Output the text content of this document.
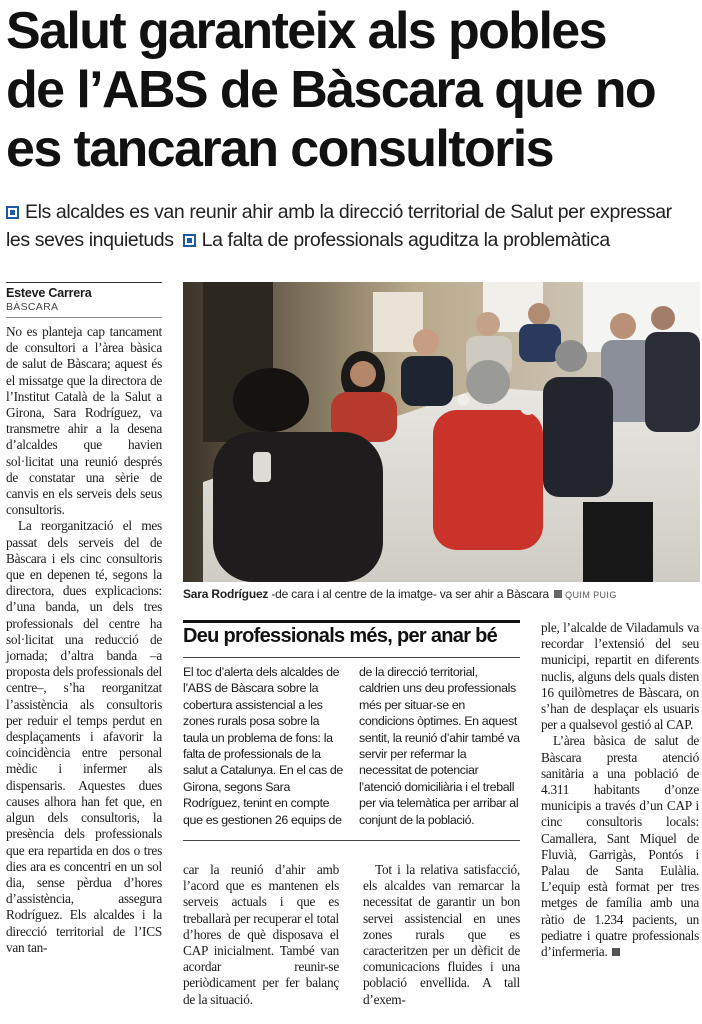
Salut garanteix als pobles
de l’ABS de Bàscara que no
es tancaran consultoris
Els alcaldes es van reunir ahir amb la direcció territorial de Salut per expressar les seves inquietuds La falta de professionals aguditza la problemàtica
Esteve Carrera
BÀSCARA

No es planteja cap tancament de consultori a l’àrea bàsica de salut de Bàscara; aquest és el missatge que la directora de l’Institut Català de la Salut a Girona, Sara Rodríguez, va transmetre ahir a la desena d’alcaldes que havien sol·licitat una reunió després de constatar una sèrie de canvis en els serveis dels seus consultoris.

La reorganització el mes passat dels serveis del de Bàscara i els cinc consultoris que en depenen té, segons la directora, dues explicacions: d’una banda, un dels tres professionals del centre ha sol·licitat una reducció de jornada; d’altra banda –a proposta dels professionals del centre–, s’ha reorganitzat l’assistència als consultoris per reduir el temps perdut en desplaçaments i afavorir la coincidència entre personal mèdic i infermer als dispensaris. Aquestes dues causes alhora han fet que, en algun dels consultoris, la presència dels professionals que era repartida en dos o tres dies ara es concentri en un sol dia, sense pèrdua d’hores d’assistència, assegura Rodríguez. Els alcaldes i la direcció territorial de l’ICS van tan-

Sara Rodríguez -de cara i al centre de la imatge- va ser ahir a Bàscara QUIM PUIG
Deu professionals més, per anar bé
El toc d’alerta dels alcaldes de l’ABS de Bàscara sobre la cobertura assistencial a les zones rurals posa sobre la taula un problema de fons: la falta de professionals de la salut a Catalunya. En el cas de Girona, segons Sara Rodríguez, tenint en compte que es gestionen 26 equips de
de la direcció territorial, caldrien uns deu professionals més per situar-se en condicions òptimes. En aquest sentit, la reunió d’ahir també va servir per refermar la necessitat de potenciar l’atenció domiciliària i el treball per via telemàtica per arribar al conjunt de la població.

car la reunió d’ahir amb l’acord que es mantenen els serveis actuals i que es treballarà per recuperar el total d’hores de què disposava el CAP inicialment. També van acordar reunir-se periòdicament per fer balanç de la situació.

Tot i la relativa satisfacció, els alcaldes van remarcar la necessitat de garantir un bon servei assistencial en unes zones rurals que es caracteritzen per un dèficit de comunicacions fluides i una població envellida. A tall d’exem-

ple, l’alcalde de Viladamuls va recordar l’extensió del seu municipi, repartit en diferents nuclis, alguns dels quals disten 16 quilòmetres de Bàscara, on s’han de desplaçar els usuaris per a qualsevol gestió al CAP.

L’àrea bàsica de salut de Bàscara presta atenció sanitària a una població de 4.311 habitants d’onze municipis a través d’un CAP i cinc consultoris locals: Camallera, Sant Miquel de Fluvià, Garrigàs, Pontós i Palau de Santa Eulàlia. L’equip està format per tres metges de família amb una ràtio de 1.234 pacients, un pediatre i quatre professionals d’infermeria.
